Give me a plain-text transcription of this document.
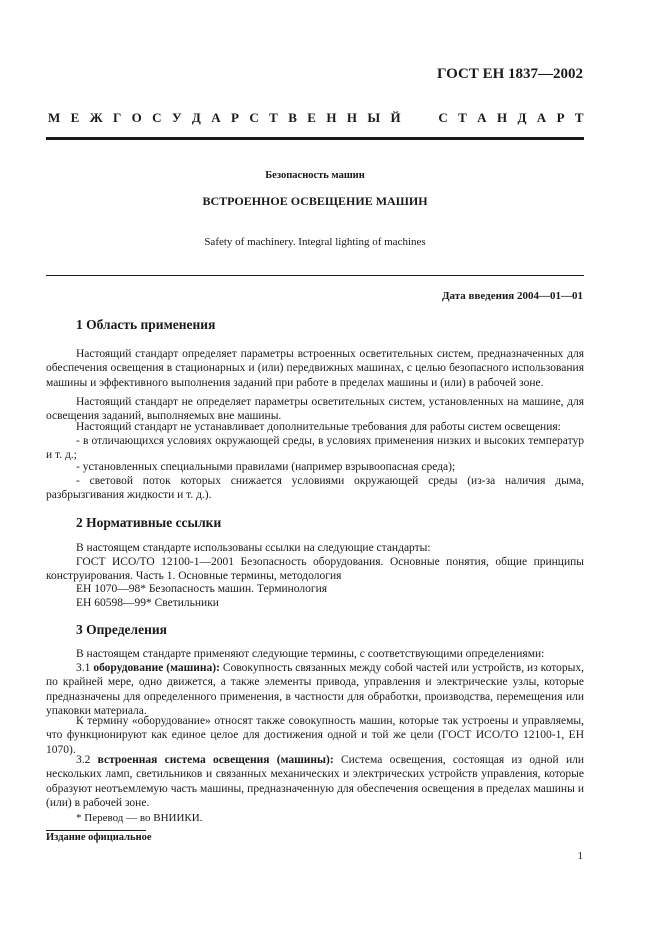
ГОСТ ЕН 1837—2002
М Е Ж Г О С У Д А Р С Т В Е Н Н Ы Й

	С Т А Н Д А Р Т
Безопасность машин
ВСТРОЕННОЕ ОСВЕЩЕНИЕ МАШИН
Safety of machinery. Integral lighting of machines
Дата введения 2004—01—01
1 Область применения

Настоящий стандарт определяет параметры встроенных осветительных систем, предназначенных для обеспечения освещения в стационарных и (или) передвижных машинах, с целью безопасного использования машины и эффективного выполнения заданий при работе в пределах машины и (или) в рабочей зоне.

Настоящий стандарт не определяет параметры осветительных систем, установленных на машине, для освещения заданий, выполняемых вне машины.

Настоящий стандарт не устанавливает дополнительные требования для работы систем освещения:

- в отличающихся условиях окружающей среды, в условиях применения низких и высоких температур и т. д.;

- установленных специальными правилами (например взрывоопасная среда);

- световой поток которых снижается условиями окружающей среды (из-за наличия дыма, разбрызгивания жидкости и т. д.).

2 Нормативные ссылки

В настоящем стандарте использованы ссылки на следующие стандарты:

ГОСТ ИСО/ТО 12100-1—2001 Безопасность оборудования. Основные понятия, общие принципы конструирования. Часть 1. Основные термины, методология

ЕН 1070—98* Безопасность машин. Терминология

ЕН 60598—99* Светильники

3 Определения

В настоящем стандарте применяют следующие термины, с соответствующими определениями:

3.1 оборудование (машина): Совокупность связанных между собой частей или устройств, из которых, по крайней мере, одно движется, а также элементы привода, управления и электрические узлы, которые предназначены для определенного применения, в частности для обработки, производства, перемещения или упаковки материала.

К термину «оборудование» относят также совокупность машин, которые так устроены и управляемы, что функционируют как единое целое для достижения одной и той же цели (ГОСТ ИСО/ТО 12100-1, ЕН 1070).

3.2 встроенная система освещения (машины): Система освещения, состоящая из одной или нескольких ламп, светильников и связанных механических и электрических устройств управления, которые образуют неотъемлемую часть машины, предназначенную для обеспечения освещения в пределах машины и (или) в рабочей зоне.

* Перевод — во ВНИИКИ.
Издание официальное
1
